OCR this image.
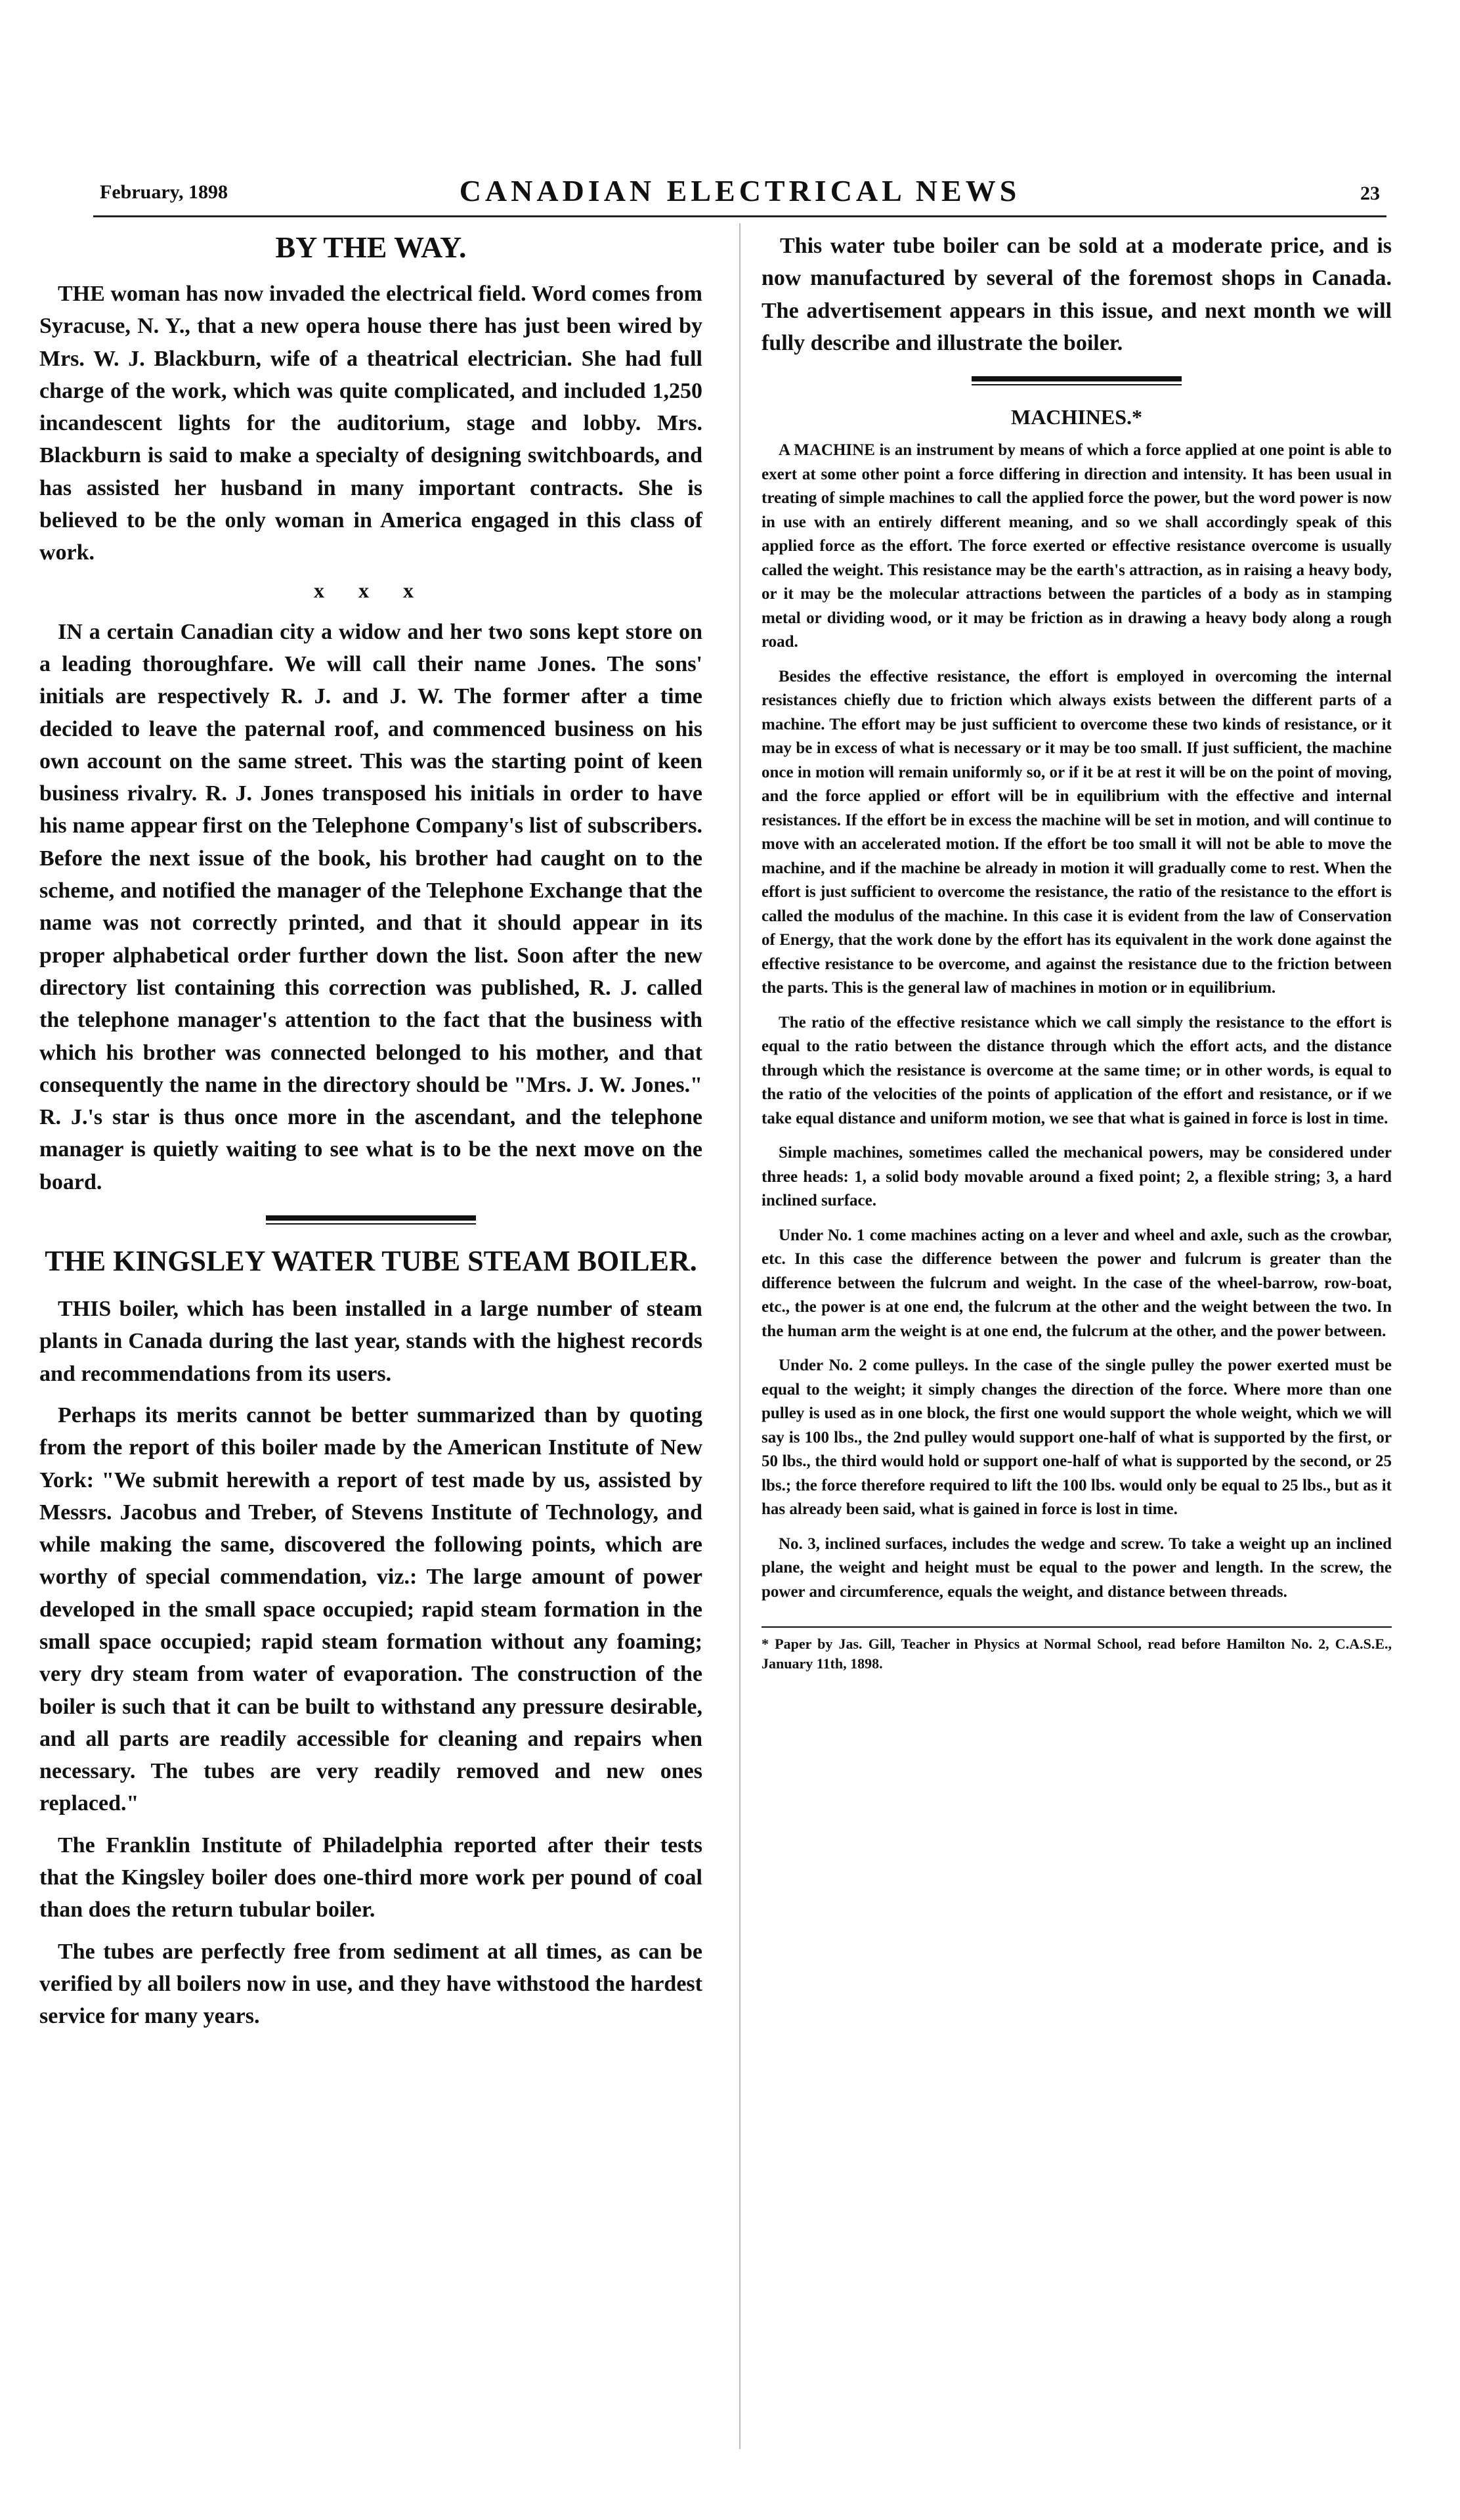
February, 1898	CANADIAN ELECTRICAL NEWS	23
BY THE WAY.

THE woman has now invaded the electrical field. Word comes from Syracuse, N. Y., that a new opera house there has just been wired by Mrs. W. J. Blackburn, wife of a theatrical electrician. She had full charge of the work, which was quite complicated, and included 1,250 incandescent lights for the auditorium, stage and lobby. Mrs. Blackburn is said to make a specialty of designing switchboards, and has assisted her husband in many important contracts. She is believed to be the only woman in America engaged in this class of work.

x x x

IN a certain Canadian city a widow and her two sons kept store on a leading thoroughfare. We will call their name Jones. The sons' initials are respectively R. J. and J. W. The former after a time decided to leave the paternal roof, and commenced business on his own account on the same street. This was the starting point of keen business rivalry. R. J. Jones transposed his initials in order to have his name appear first on the Telephone Company's list of subscribers. Before the next issue of the book, his brother had caught on to the scheme, and notified the manager of the Telephone Exchange that the name was not correctly printed, and that it should appear in its proper alphabetical order further down the list. Soon after the new directory list containing this correction was published, R. J. called the telephone manager's attention to the fact that the business with which his brother was connected belonged to his mother, and that consequently the name in the directory should be "Mrs. J. W. Jones." R. J.'s star is thus once more in the ascendant, and the telephone manager is quietly waiting to see what is to be the next move on the board.

THE KINGSLEY WATER TUBE STEAM BOILER.

THIS boiler, which has been installed in a large number of steam plants in Canada during the last year, stands with the highest records and recommendations from its users.

Perhaps its merits cannot be better summarized than by quoting from the report of this boiler made by the American Institute of New York: "We submit herewith a report of test made by us, assisted by Messrs. Jacobus and Treber, of Stevens Institute of Technology, and while making the same, discovered the following points, which are worthy of special commendation, viz.: The large amount of power developed in the small space occupied; rapid steam formation in the small space occupied; rapid steam formation without any foaming; very dry steam from water of evaporation. The construction of the boiler is such that it can be built to withstand any pressure desirable, and all parts are readily accessible for cleaning and repairs when necessary. The tubes are very readily removed and new ones replaced."

The Franklin Institute of Philadelphia reported after their tests that the Kingsley boiler does one-third more work per pound of coal than does the return tubular boiler.

The tubes are perfectly free from sediment at all times, as can be verified by all boilers now in use, and they have withstood the hardest service for many years.

This water tube boiler can be sold at a moderate price, and is now manufactured by several of the foremost shops in Canada. The advertisement appears in this issue, and next month we will fully describe and illustrate the boiler.

MACHINES.*

A MACHINE is an instrument by means of which a force applied at one point is able to exert at some other point a force differing in direction and intensity. It has been usual in treating of simple machines to call the applied force the power, but the word power is now in use with an entirely different meaning, and so we shall accordingly speak of this applied force as the effort. The force exerted or effective resistance overcome is usually called the weight. This resistance may be the earth's attraction, as in raising a heavy body, or it may be the molecular attractions between the particles of a body as in stamping metal or dividing wood, or it may be friction as in drawing a heavy body along a rough road.

Besides the effective resistance, the effort is employed in overcoming the internal resistances chiefly due to friction which always exists between the different parts of a machine. The effort may be just sufficient to overcome these two kinds of resistance, or it may be in excess of what is necessary or it may be too small. If just sufficient, the machine once in motion will remain uniformly so, or if it be at rest it will be on the point of moving, and the force applied or effort will be in equilibrium with the effective and internal resistances. If the effort be in excess the machine will be set in motion, and will continue to move with an accelerated motion. If the effort be too small it will not be able to move the machine, and if the machine be already in motion it will gradually come to rest. When the effort is just sufficient to overcome the resistance, the ratio of the resistance to the effort is called the modulus of the machine. In this case it is evident from the law of Conservation of Energy, that the work done by the effort has its equivalent in the work done against the effective resistance to be overcome, and against the resistance due to the friction between the parts. This is the general law of machines in motion or in equilibrium.

The ratio of the effective resistance which we call simply the resistance to the effort is equal to the ratio between the distance through which the effort acts, and the distance through which the resistance is overcome at the same time; or in other words, is equal to the ratio of the velocities of the points of application of the effort and resistance, or if we take equal distance and uniform motion, we see that what is gained in force is lost in time.

Simple machines, sometimes called the mechanical powers, may be considered under three heads: 1, a solid body movable around a fixed point; 2, a flexible string; 3, a hard inclined surface.

Under No. 1 come machines acting on a lever and wheel and axle, such as the crowbar, etc. In this case the difference between the power and fulcrum is greater than the difference between the fulcrum and weight. In the case of the wheel-barrow, row-boat, etc., the power is at one end, the fulcrum at the other and the weight between the two. In the human arm the weight is at one end, the fulcrum at the other, and the power between.

Under No. 2 come pulleys. In the case of the single pulley the power exerted must be equal to the weight; it simply changes the direction of the force. Where more than one pulley is used as in one block, the first one would support the whole weight, which we will say is 100 lbs., the 2nd pulley would support one-half of what is supported by the first, or 50 lbs., the third would hold or support one-half of what is supported by the second, or 25 lbs.; the force therefore required to lift the 100 lbs. would only be equal to 25 lbs., but as it has already been said, what is gained in force is lost in time.

No. 3, inclined surfaces, includes the wedge and screw. To take a weight up an inclined plane, the weight and height must be equal to the power and length. In the screw, the power and circumference, equals the weight, and distance between threads.

* Paper by Jas. Gill, Teacher in Physics at Normal School, read before Hamilton No. 2, C.A.S.E., January 11th, 1898.
